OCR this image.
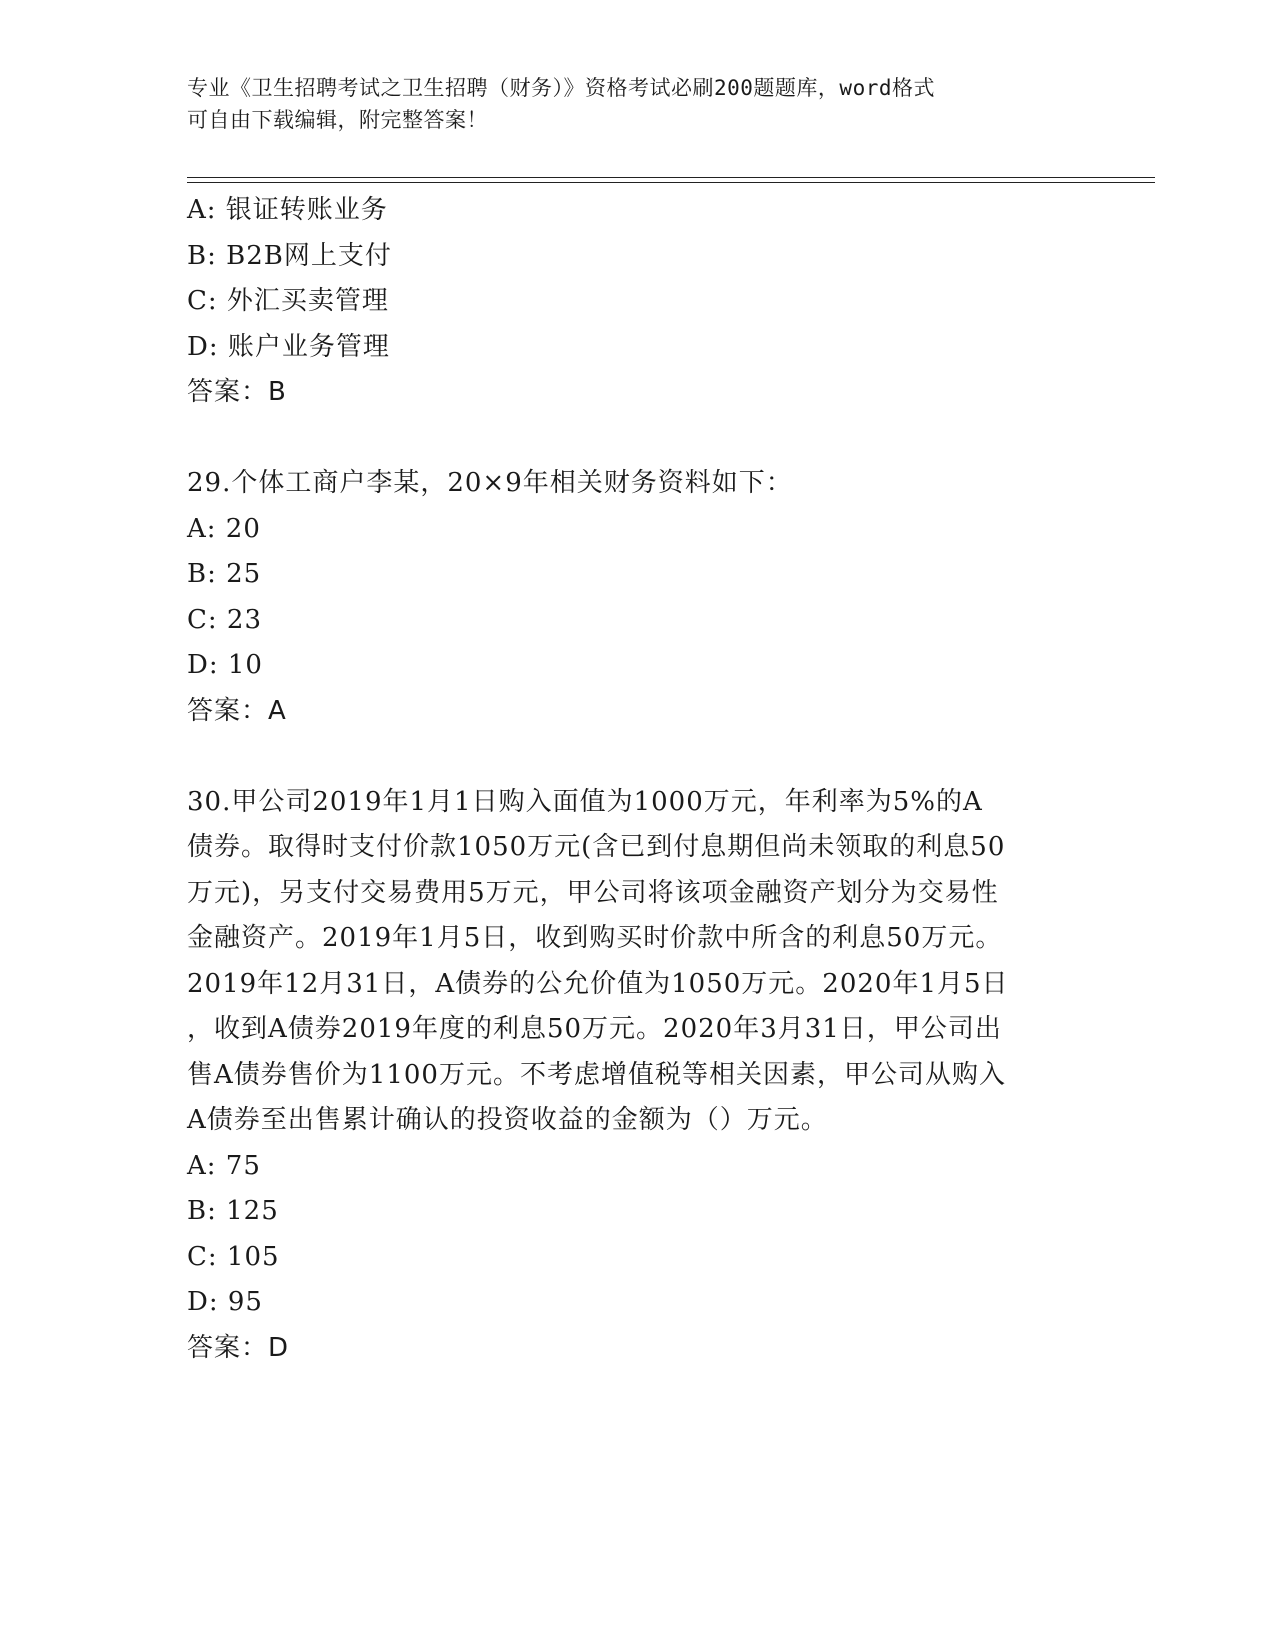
专业《卫生招聘考试之卫生招聘（财务）》资格考试必刷200题题库，word格式
可自由下载编辑，附完整答案！
A: 银证转账业务
B: B2B网上支付
C: 外汇买卖管理
D: 账户业务管理
答案：B
29.个体工商户李某，20×9年相关财务资料如下：
A: 20
B: 25
C: 23
D: 10
答案：A
30.甲公司2019年1月1日购入面值为1000万元，年利率为5%的A
债券。取得时支付价款1050万元(含已到付息期但尚未领取的利息50
万元)，另支付交易费用5万元，甲公司将该项金融资产划分为交易性
金融资产。2019年1月5日，收到购买时价款中所含的利息50万元。
2019年12月31日，A债券的公允价值为1050万元。2020年1月5日
，收到A债券2019年度的利息50万元。2020年3月31日，甲公司出
售A债券售价为1100万元。不考虑增值税等相关因素，甲公司从购入
A债券至出售累计确认的投资收益的金额为（）万元。
A: 75
B: 125
C: 105
D: 95
答案：D
